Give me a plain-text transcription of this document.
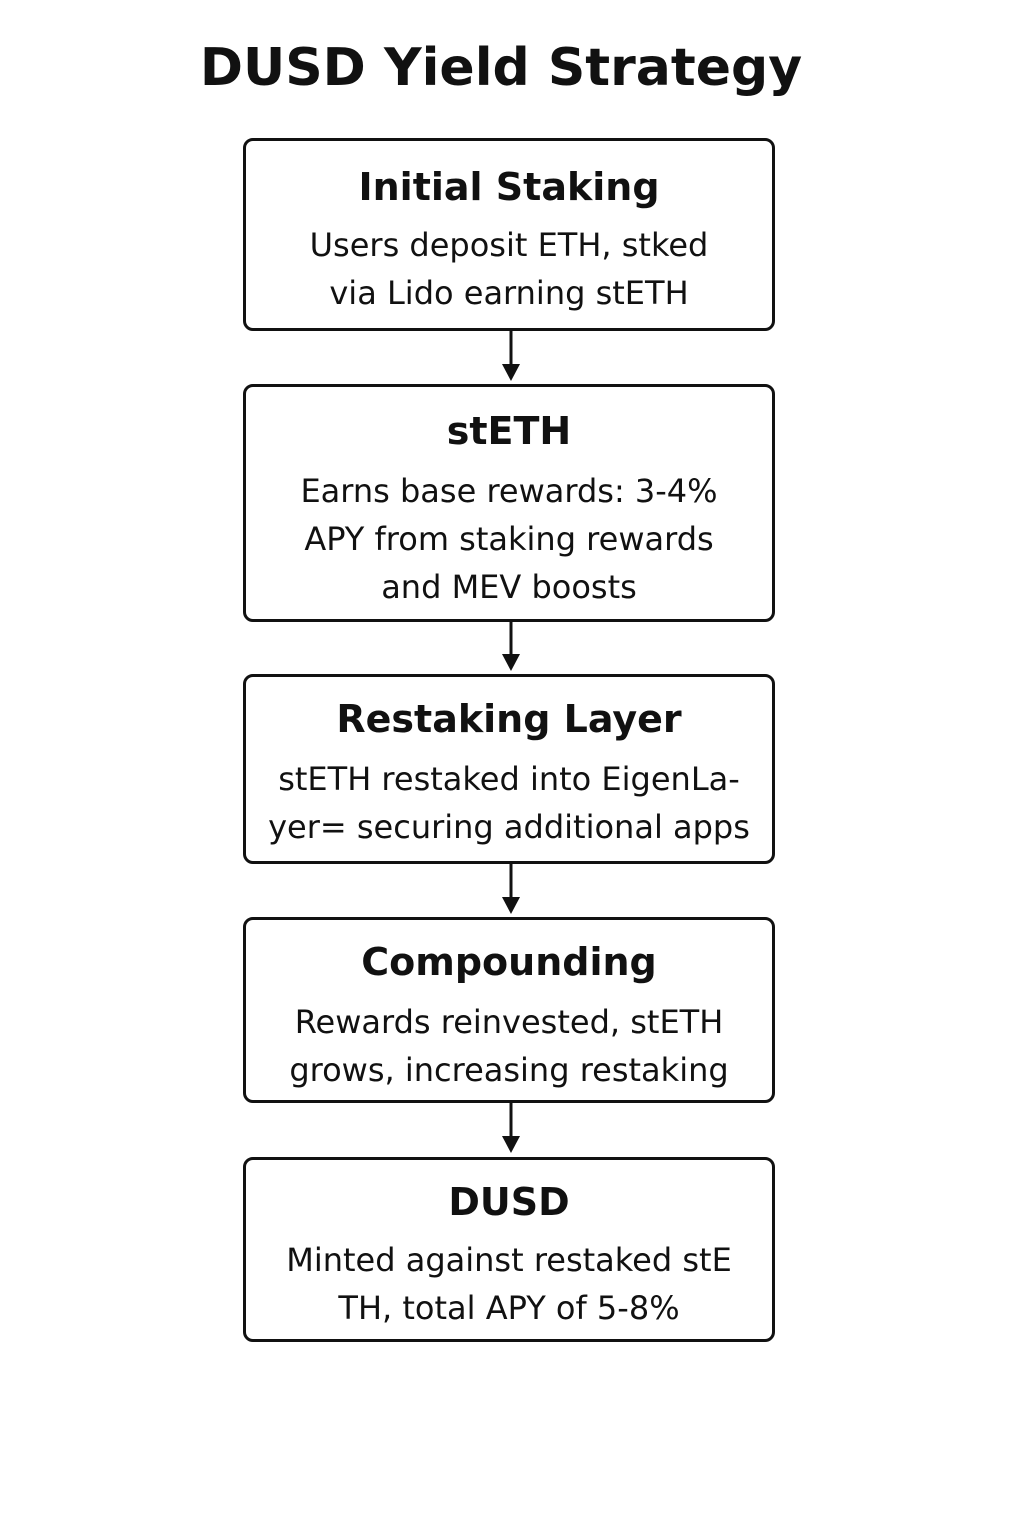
DUSD Yield Strategy
Initial Staking
Users deposit ETH, stked
via Lido earning stETH
stETH
Earns base rewards: 3-4%
APY from staking rewards
and MEV boosts
Restaking Layer
stETH restaked into EigenLa-
yer= securing additional apps
Compounding
Rewards reinvested, stETH
grows, increasing restaking
DUSD
Minted against restaked stE
TH, total APY of 5-8%
